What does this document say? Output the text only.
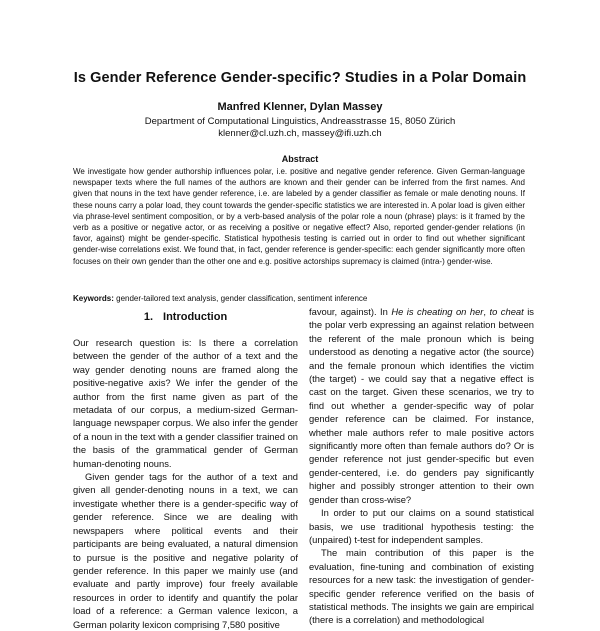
Is Gender Reference Gender-specific? Studies in a Polar Domain
Manfred Klenner, Dylan Massey
Department of Computational Linguistics, Andreasstrasse 15, 8050 Zürich
klenner@cl.uzh.ch, massey@ifi.uzh.ch
Abstract
We investigate how gender authorship influences polar, i.e. positive and negative gender reference. Given German-language newspaper texts where the full names of the authors are known and their gender can be inferred from the first names. And given that nouns in the text have gender reference, i.e. are labeled by a gender classifier as female or male denoting nouns. If these nouns carry a polar load, they count towards the gender-specific statistics we are interested in. A polar load is given either via phrase-level sentiment composition, or by a verb-based analysis of the polar role a noun (phrase) plays: is it framed by the verb as a positive or negative actor, or as receiving a positive or negative effect? Also, reported gender-gender relations (in favor, against) might be gender-specific. Statistical hypothesis testing is carried out in order to find out whether significant gender-wise correlations exist. We found that, in fact, gender reference is gender-specific: each gender significantly more often focuses on their own gender than the other one and e.g. positive actorships supremacy is claimed (intra-) gender-wise.
Keywords: gender-tailored text analysis, gender classification, sentiment inference
1. Introduction

Our research question is: Is there a correlation between the gender of the author of a text and the way gender denoting nouns are framed along the positive-negative axis? We infer the gender of the author from the first name given as part of the metadata of our corpus, a medium-sized German-language newspaper corpus. We also infer the gender of a noun in the text with a gender classifier trained on the basis of the grammatical gender of German human-denoting nouns.

Given gender tags for the author of a text and given all gender-denoting nouns in a text, we can investigate whether there is a gender-specific way of gender reference. Since we are dealing with newspapers where political events and their participants are being evaluated, a natural dimension to pursue is the positive and negative polarity of gender reference. In this paper we mainly use (and evaluate and partly improve) four freely available resources in order to identify and quantify the polar load of a reference: a German valence lexicon, a German polarity lexicon comprising 7,580 positive

favour, against). In He is cheating on her, to cheat is the polar verb expressing an against relation between the referent of the male pronoun which is being understood as denoting a negative actor (the source) and the female pronoun which identifies the victim (the target) - we could say that a negative effect is cast on the target. Given these scenarios, we try to find out whether a gender-specific way of polar gender reference can be claimed. For instance, whether male authors refer to male positive actors significantly more often than female authors do? Or is gender reference not just gender-specific but even gender-centered, i.e. do genders pay significantly higher and possibly stronger attention to their own gender than cross-wise?

In order to put our claims on a sound statistical basis, we use traditional hypothesis testing: the (unpaired) t-test for independent samples.

The main contribution of this paper is the evaluation, fine-tuning and combination of existing resources for a new task: the investigation of gender-specific gender reference verified on the basis of statistical methods. The insights we gain are empirical (there is a correlation) and methodological
